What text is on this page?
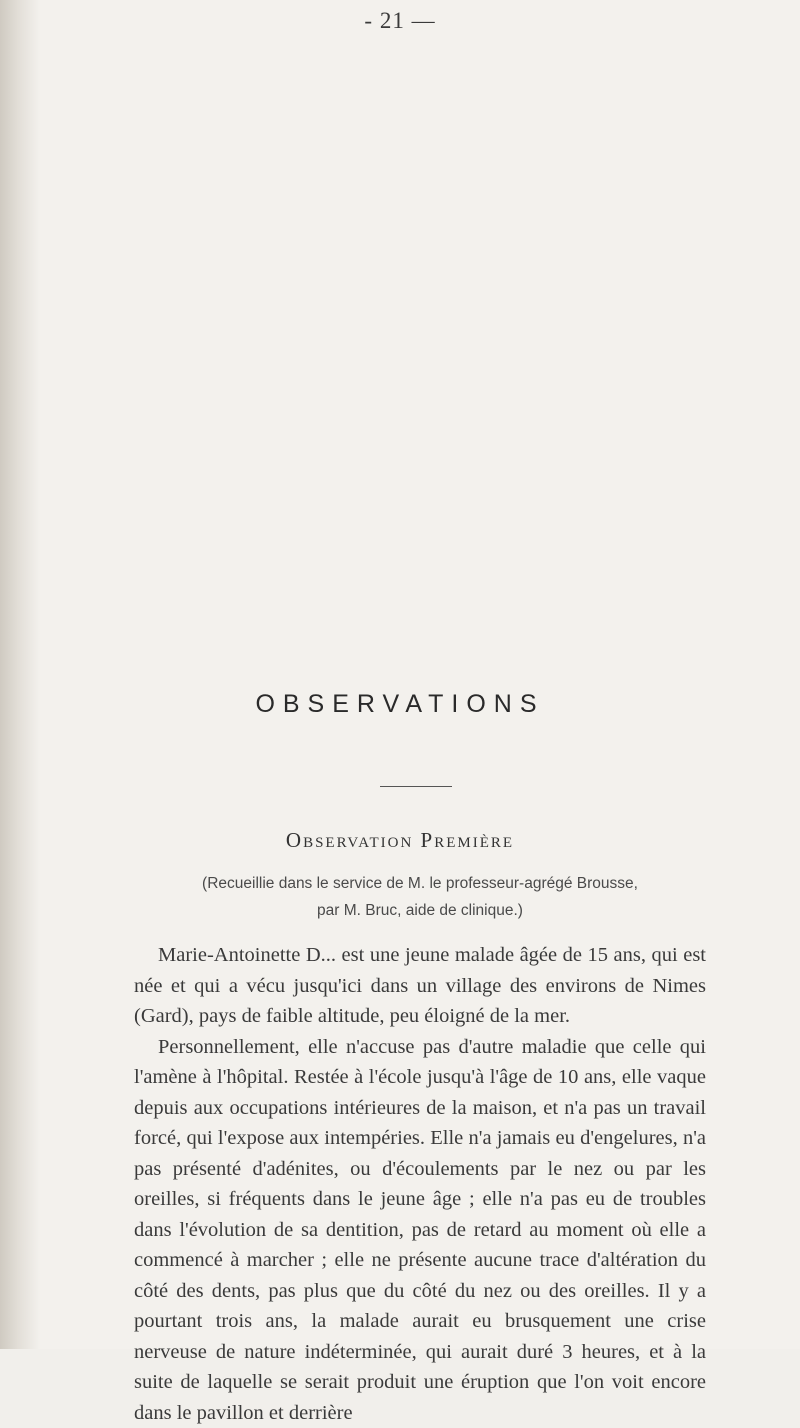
- 21 —
OBSERVATIONS
Observation Première
(Recueillie dans le service de M. le professeur-agrégé Brousse,
par M. Bruc, aide de clinique.)

Marie-Antoinette D... est une jeune malade âgée de 15 ans, qui est née et qui a vécu jusqu'ici dans un village des environs de Nimes (Gard), pays de faible altitude, peu éloigné de la mer.

Personnellement, elle n'accuse pas d'autre maladie que celle qui l'amène à l'hôpital. Restée à l'école jusqu'à l'âge de 10 ans, elle vaque depuis aux occupations intérieures de la maison, et n'a pas un travail forcé, qui l'expose aux intempéries. Elle n'a jamais eu d'engelures, n'a pas présenté d'adénites, ou d'écoulements par le nez ou par les oreilles, si fréquents dans le jeune âge ; elle n'a pas eu de troubles dans l'évolution de sa dentition, pas de retard au moment où elle a commencé à marcher ; elle ne présente aucune trace d'altération du côté des dents, pas plus que du côté du nez ou des oreilles. Il y a pourtant trois ans, la malade aurait eu brusquement une crise nerveuse de nature indéterminée, qui aurait duré 3 heures, et à la suite de laquelle se serait produit une éruption que l'on voit encore dans le pavillon et derrière
